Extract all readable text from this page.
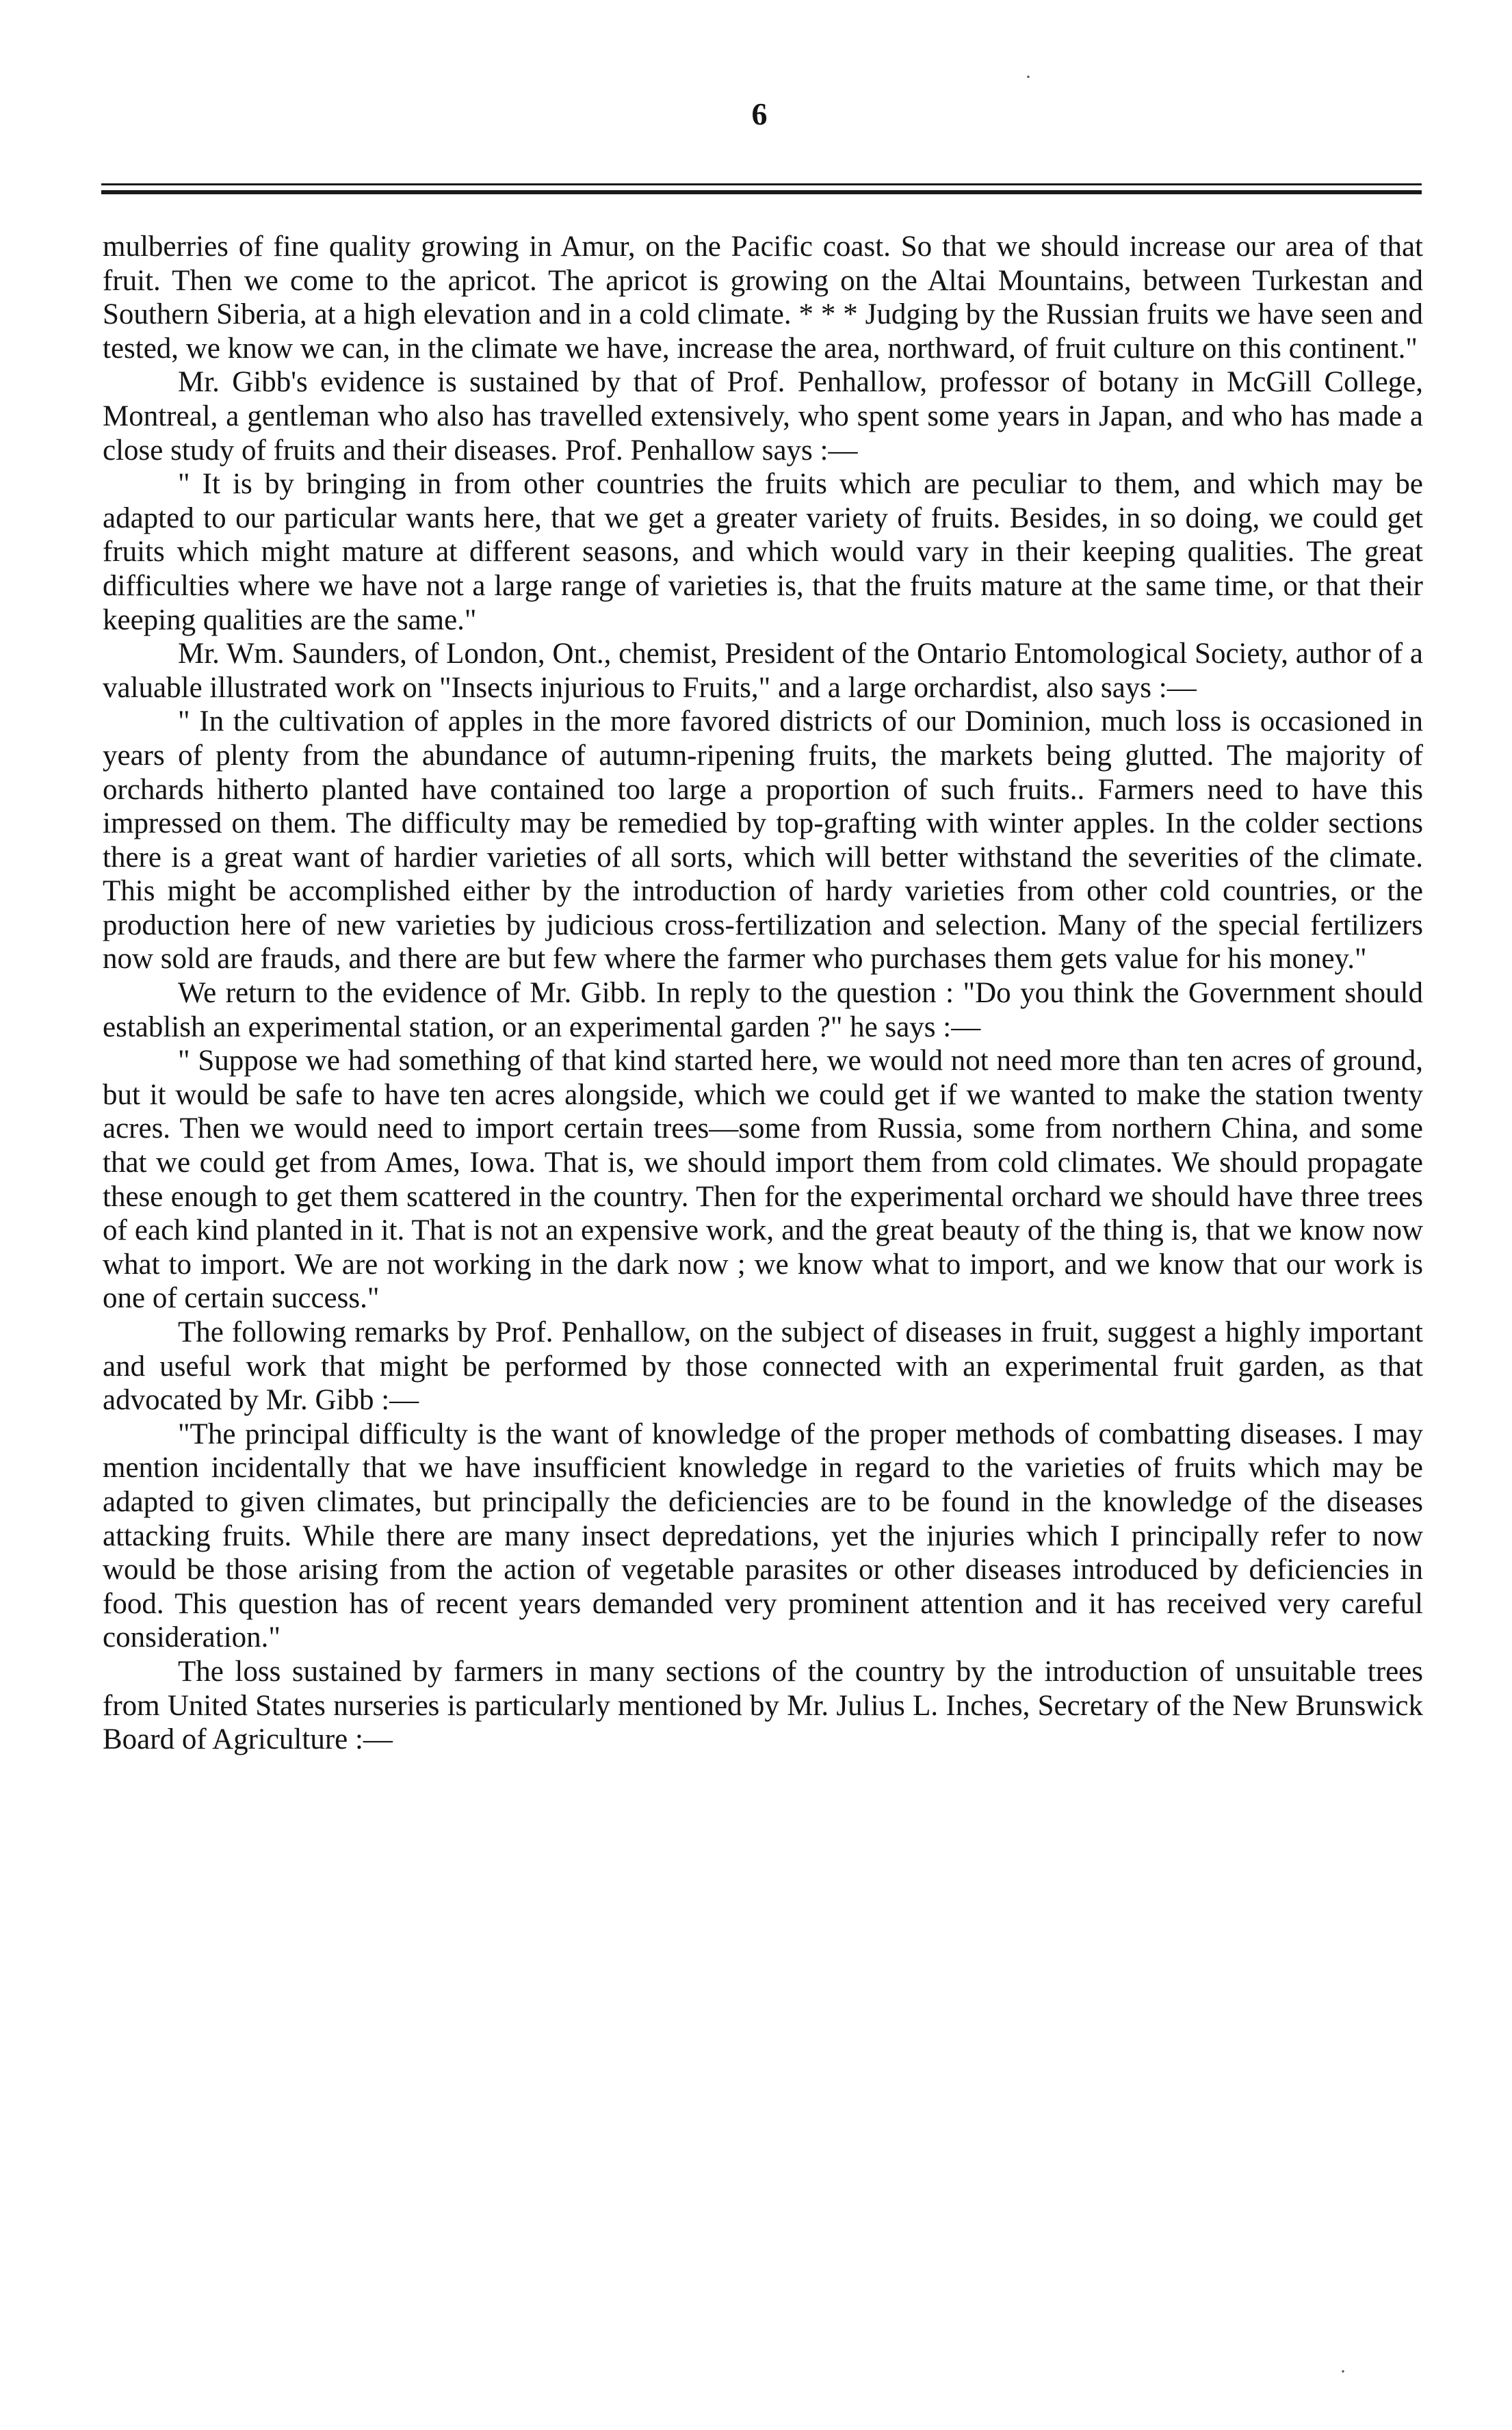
6
·
·

mulberries of fine quality growing in Amur, on the Pacific coast. So that we should increase our area of that fruit. Then we come to the apricot. The apricot is growing on the Altai Mountains, between Turkestan and Southern Siberia, at a high elevation and in a cold climate. * * * Judging by the Russian fruits we have seen and tested, we know we can, in the climate we have, increase the area, northward, of fruit culture on this continent."

Mr. Gibb's evidence is sustained by that of Prof. Penhallow, professor of botany in McGill College, Montreal, a gentleman who also has travelled extensively, who spent some years in Japan, and who has made a close study of fruits and their diseases. Prof. Penhallow says :—

" It is by bringing in from other countries the fruits which are peculiar to them, and which may be adapted to our particular wants here, that we get a greater variety of fruits. Besides, in so doing, we could get fruits which might mature at different seasons, and which would vary in their keeping qualities. The great difficulties where we have not a large range of varieties is, that the fruits mature at the same time, or that their keeping qualities are the same."

Mr. Wm. Saunders, of London, Ont., chemist, President of the Ontario Entomological Society, author of a valuable illustrated work on "Insects injurious to Fruits," and a large orchardist, also says :—

" In the cultivation of apples in the more favored districts of our Dominion, much loss is occasioned in years of plenty from the abundance of autumn-ripening fruits, the markets being glutted. The majority of orchards hitherto planted have contained too large a proportion of such fruits.. Farmers need to have this impressed on them. The difficulty may be remedied by top-grafting with winter apples. In the colder sections there is a great want of hardier varieties of all sorts, which will better withstand the severities of the climate. This might be accomplished either by the introduction of hardy varieties from other cold countries, or the production here of new varieties by judicious cross-fertilization and selection. Many of the special fertilizers now sold are frauds, and there are but few where the farmer who purchases them gets value for his money."

We return to the evidence of Mr. Gibb. In reply to the question : "Do you think the Government should establish an experimental station, or an experimental garden ?" he says :—

" Suppose we had something of that kind started here, we would not need more than ten acres of ground, but it would be safe to have ten acres alongside, which we could get if we wanted to make the station twenty acres. Then we would need to import certain trees—some from Russia, some from northern China, and some that we could get from Ames, Iowa. That is, we should import them from cold climates. We should propagate these enough to get them scattered in the country. Then for the experimental orchard we should have three trees of each kind planted in it. That is not an expensive work, and the great beauty of the thing is, that we know now what to import. We are not working in the dark now ; we know what to import, and we know that our work is one of certain success."

The following remarks by Prof. Penhallow, on the subject of diseases in fruit, suggest a highly important and useful work that might be performed by those connected with an experimental fruit garden, as that advocated by Mr. Gibb :—

"The principal difficulty is the want of knowledge of the proper methods of combatting diseases. I may mention incidentally that we have insufficient knowledge in regard to the varieties of fruits which may be adapted to given climates, but principally the deficiencies are to be found in the knowledge of the diseases attacking fruits. While there are many insect depredations, yet the injuries which I principally refer to now would be those arising from the action of vegetable parasites or other diseases introduced by deficiencies in food. This question has of recent years demanded very prominent attention and it has received very careful consideration."

The loss sustained by farmers in many sections of the country by the introduction of unsuitable trees from United States nurseries is particularly mentioned by Mr. Julius L. Inches, Secretary of the New Brunswick Board of Agriculture :—
